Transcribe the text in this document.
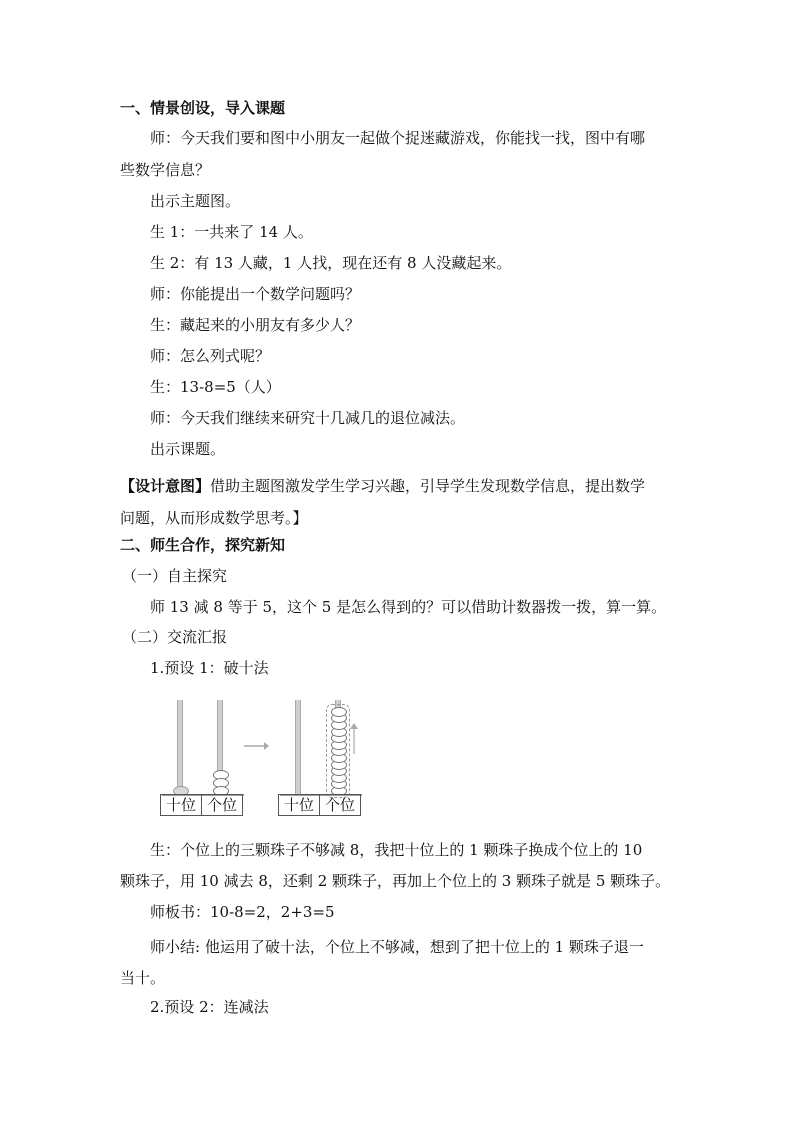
一、情景创设，导入课题
师：今天我们要和图中小朋友一起做个捉迷藏游戏，你能找一找，图中有哪
些数学信息？
出示主题图。
生 1：一共来了 14 人。
生 2：有 13 人藏，1 人找，现在还有 8 人没藏起来。
师：你能提出一个数学问题吗？
生：藏起来的小朋友有多少人？
师：怎么列式呢？
生：13-8=5（人）
师：今天我们继续来研究十几减几的退位减法。
出示课题。
【设计意图】借助主题图激发学生学习兴趣，引导学生发现数学信息，提出数学
问题，从而形成数学思考。】
二、师生合作，探究新知
（一）自主探究
师 13 减 8 等于 5，这个 5 是怎么得到的？可以借助计数器拨一拨，算一算。
（二）交流汇报
1.预设 1：破十法
十位 个位	十位 个位
生：个位上的三颗珠子不够减 8，我把十位上的 1 颗珠子换成个位上的 10
颗珠子，用 10 减去 8，还剩 2 颗珠子，再加上个位上的 3 颗珠子就是 5 颗珠子。
师板书：10-8=2，2+3=5
师小结: 他运用了破十法，个位上不够减，想到了把十位上的 1 颗珠子退一
当十。
2.预设 2：连减法
